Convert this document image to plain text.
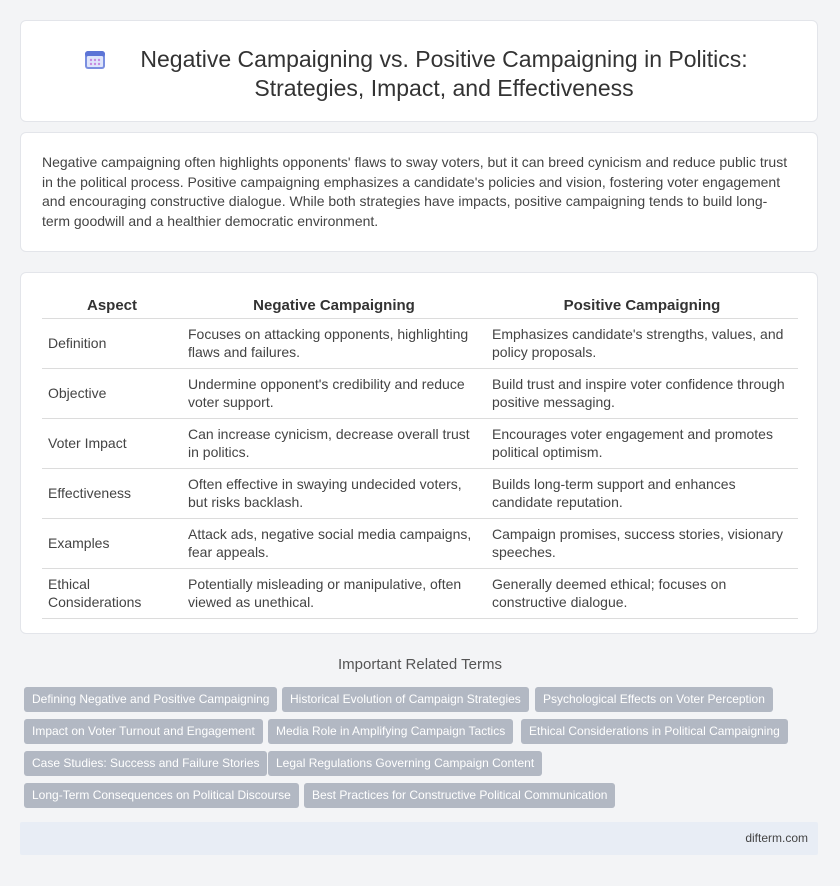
Negative Campaigning vs. Positive Campaigning in Politics:
Strategies, Impact, and Effectiveness

Negative campaigning often highlights opponents' flaws to sway voters, but it can breed cynicism and reduce public trust in the political process. Positive campaigning emphasizes a candidate's policies and vision, fostering voter engagement and encouraging constructive dialogue. While both strategies have impacts, positive campaigning tends to build long-term goodwill and a healthier democratic environment.

Aspect	Negative Campaigning	Positive Campaigning
Definition	Focuses on attacking opponents, highlighting flaws and failures.	Emphasizes candidate's strengths, values, and policy proposals.
Objective	Undermine opponent's credibility and reduce voter support.	Build trust and inspire voter confidence through positive messaging.
Voter Impact	Can increase cynicism, decrease overall trust in politics.	Encourages voter engagement and promotes political optimism.
Effectiveness	Often effective in swaying undecided voters, but risks backlash.	Builds long-term support and enhances candidate reputation.
Examples	Attack ads, negative social media campaigns, fear appeals.	Campaign promises, success stories, visionary speeches.
Ethical Considerations	Potentially misleading or manipulative, often viewed as unethical.	Generally deemed ethical; focuses on constructive dialogue.
Important Related Terms
Defining Negative and Positive Campaigning	Historical Evolution of Campaign Strategies	Psychological Effects on Voter Perception
Impact on Voter Turnout and Engagement	Media Role in Amplifying Campaign Tactics	Ethical Considerations in Political Campaigning
Case Studies: Success and Failure Stories	Legal Regulations Governing Campaign Content
Long-Term Consequences on Political Discourse	Best Practices for Constructive Political Communication
difterm.com
